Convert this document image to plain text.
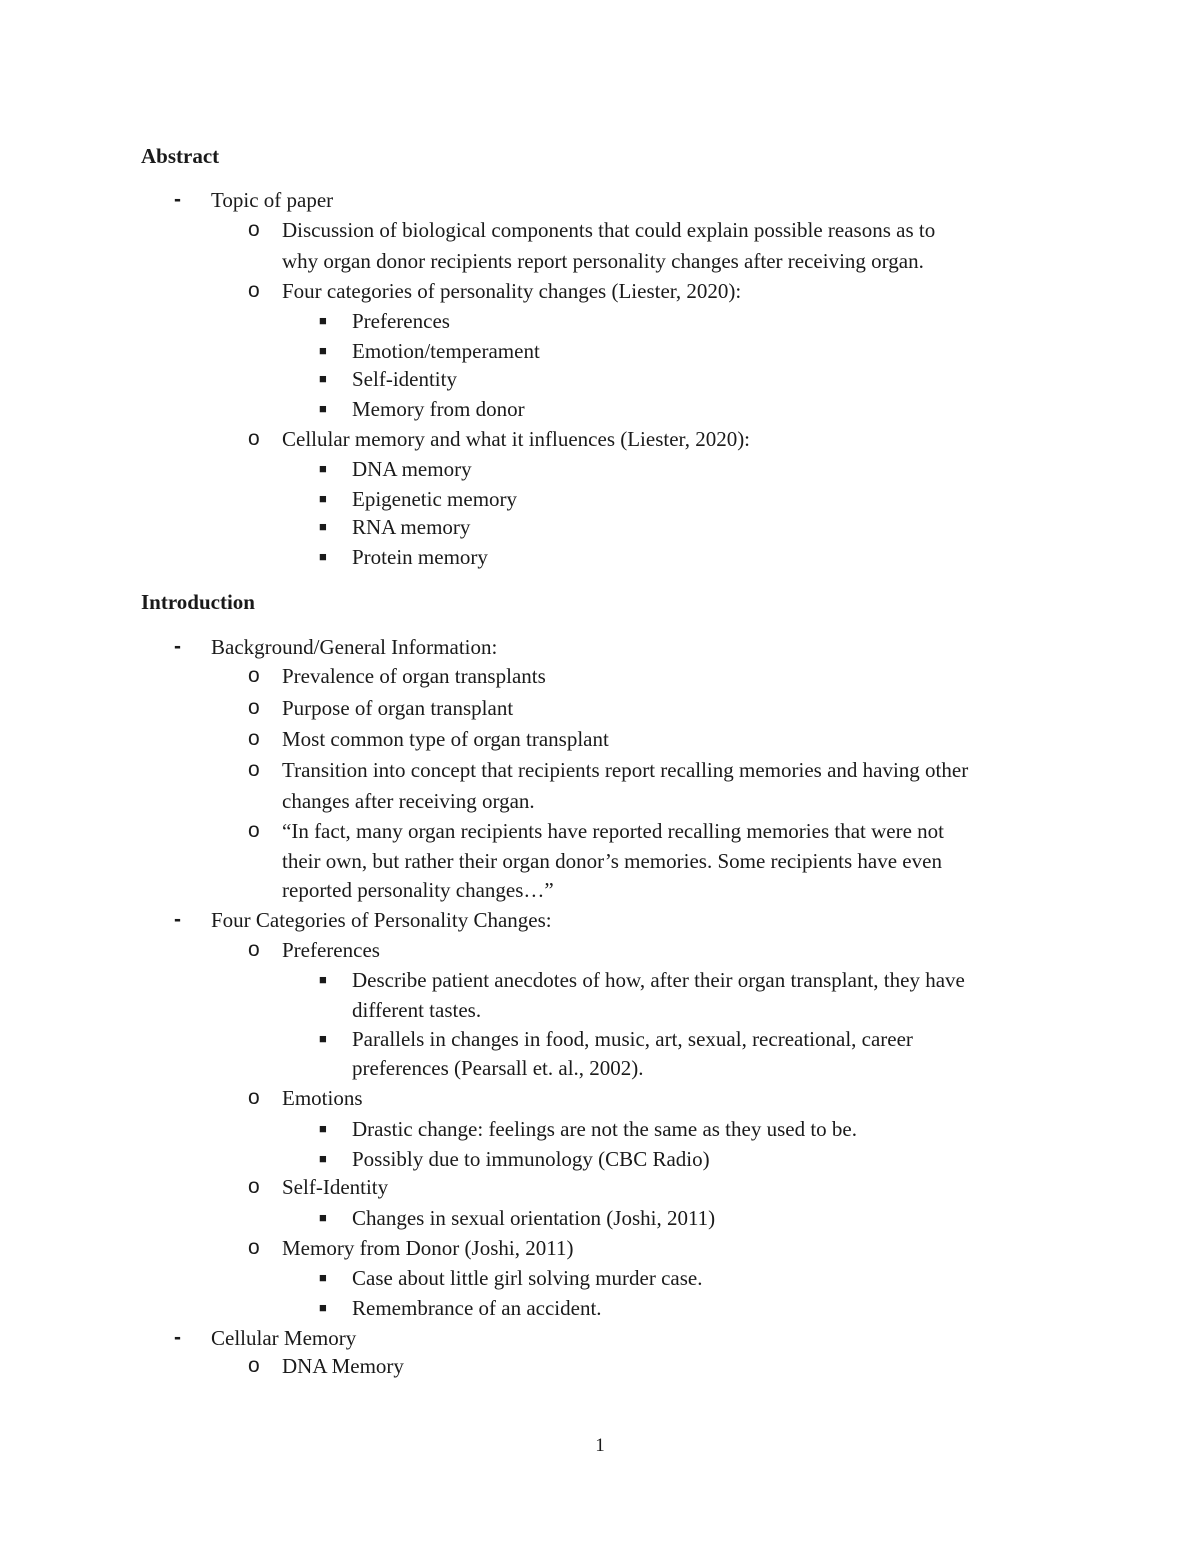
Abstract
- Topic of paper
o Discussion of biological components that could explain possible reasons as to
why organ donor recipients report personality changes after receiving organ.
o Four categories of personality changes (Liester, 2020):
■ Preferences
■ Emotion/temperament
■ Self-identity
■ Memory from donor
o Cellular memory and what it influences (Liester, 2020):
■ DNA memory
■ Epigenetic memory
■ RNA memory
■ Protein memory
Introduction
- Background/General Information:
o Prevalence of organ transplants
o Purpose of organ transplant
o Most common type of organ transplant
o Transition into concept that recipients report recalling memories and having other
changes after receiving organ.
o “In fact, many organ recipients have reported recalling memories that were not
their own, but rather their organ donor’s memories. Some recipients have even
reported personality changes…”
- Four Categories of Personality Changes:
o Preferences
■ Describe patient anecdotes of how, after their organ transplant, they have
different tastes.
■ Parallels in changes in food, music, art, sexual, recreational, career
preferences (Pearsall et. al., 2002).
o Emotions
■ Drastic change: feelings are not the same as they used to be.
■ Possibly due to immunology (CBC Radio)
o Self-Identity
■ Changes in sexual orientation (Joshi, 2011)
o Memory from Donor (Joshi, 2011)
■ Case about little girl solving murder case.
■ Remembrance of an accident.
- Cellular Memory
o DNA Memory
1
